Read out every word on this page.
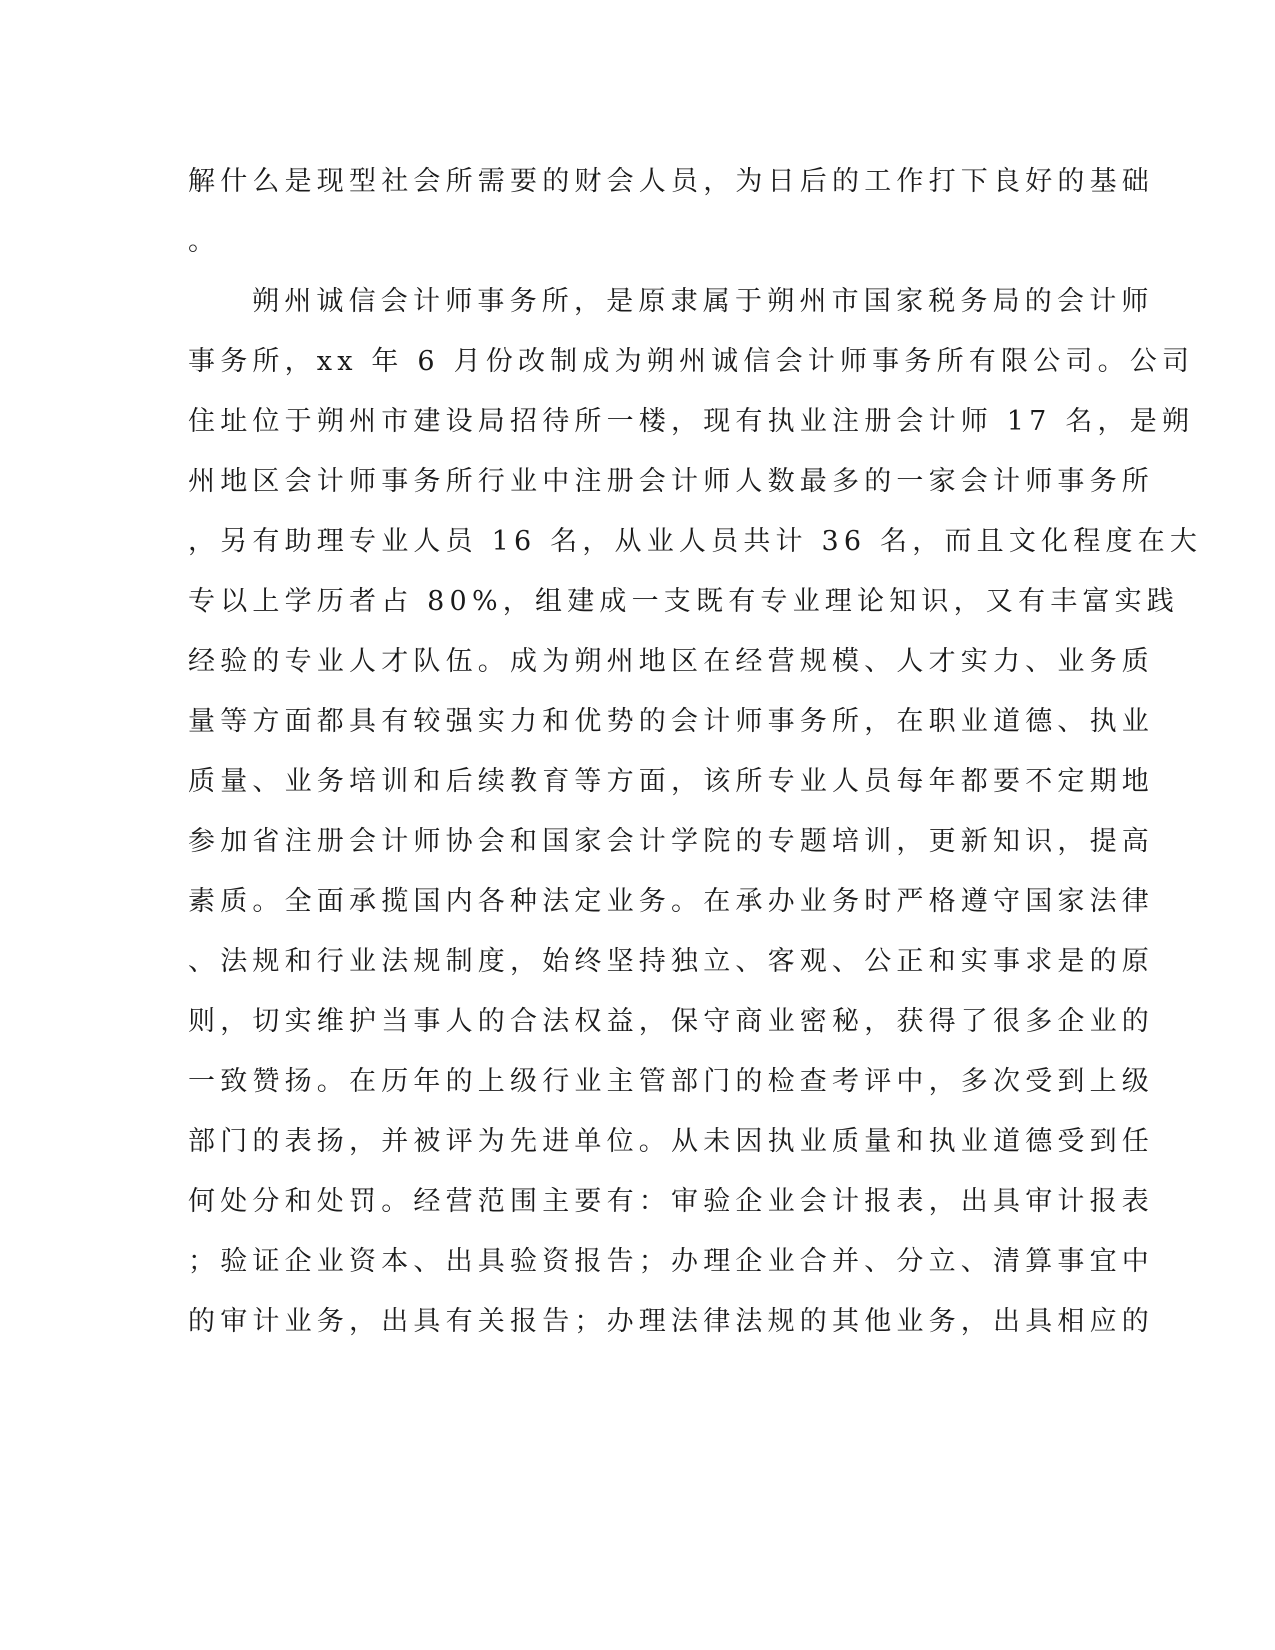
解什么是现型社会所需要的财会人员，为日后的工作打下良好的基础
。
朔州诚信会计师事务所，是原隶属于朔州市国家税务局的会计师
事务所，xx 年 6 月份改制成为朔州诚信会计师事务所有限公司。公司
住址位于朔州市建设局招待所一楼，现有执业注册会计师 17 名，是朔
州地区会计师事务所行业中注册会计师人数最多的一家会计师事务所
，另有助理专业人员 16 名，从业人员共计 36 名，而且文化程度在大
专以上学历者占 80%，组建成一支既有专业理论知识，又有丰富实践
经验的专业人才队伍。成为朔州地区在经营规模、人才实力、业务质
量等方面都具有较强实力和优势的会计师事务所，在职业道德、执业
质量、业务培训和后续教育等方面，该所专业人员每年都要不定期地
参加省注册会计师协会和国家会计学院的专题培训，更新知识，提高
素质。全面承揽国内各种法定业务。在承办业务时严格遵守国家法律
、法规和行业法规制度，始终坚持独立、客观、公正和实事求是的原
则，切实维护当事人的合法权益，保守商业密秘，获得了很多企业的
一致赞扬。在历年的上级行业主管部门的检查考评中，多次受到上级
部门的表扬，并被评为先进单位。从未因执业质量和执业道德受到任
何处分和处罚。经营范围主要有：审验企业会计报表，出具审计报表
；验证企业资本、出具验资报告；办理企业合并、分立、清算事宜中
的审计业务，出具有关报告；办理法律法规的其他业务，出具相应的
